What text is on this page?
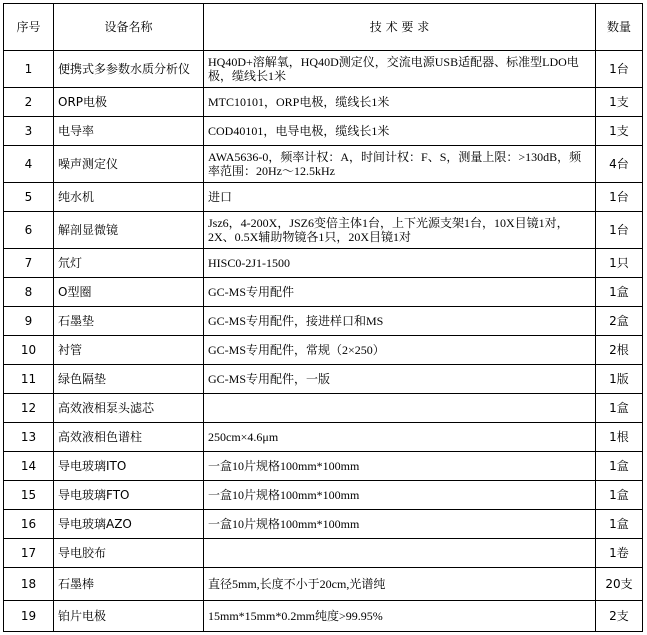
序号	设备名称	技 术 要 求	数量
1	便携式多参数水质分析仪	HQ40D+溶解氧，HQ40D测定仪，交流电源USB适配器、标准型LDO电极，缆线长1米	1台
2	ORP电极	MTC10101，ORP电极，缆线长1米	1支
3	电导率	COD40101，电导电极，缆线长1米	1支
4	噪声测定仪	AWA5636-0，频率计权：A，时间计权：F、S，测量上限：>130dB，频率范围：20Hz～12.5kHz	4台
5	纯水机	进口	1台
6	解剖显微镜	Jsz6，4-200X，JSZ6变倍主体1台，上下光源支架1台，10X目镜1对，2X、0.5X辅助物镜各1只，20X目镜1对	1台
7	氘灯	HISC0-2J1-1500	1只
8	O型圈	GC-MS专用配件	1盒
9	石墨垫	GC-MS专用配件，接进样口和MS	2盒
10	衬管	GC-MS专用配件，常规（2×250）	2根
11	绿色隔垫	GC-MS专用配件，一版	1版
12	高效液相泵头滤芯		1盒
13	高效液相色谱柱	250cm×4.6μm	1根
14	导电玻璃ITO	一盒10片规格100mm*100mm	1盒
15	导电玻璃FTO	一盒10片规格100mm*100mm	1盒
16	导电玻璃AZO	一盒10片规格100mm*100mm	1盒
17	导电胶布		1卷
18	石墨棒	直径5mm,长度不小于20cm,光谱纯	20支
19	铂片电极	15mm*15mm*0.2mm纯度>99.95%	2支
